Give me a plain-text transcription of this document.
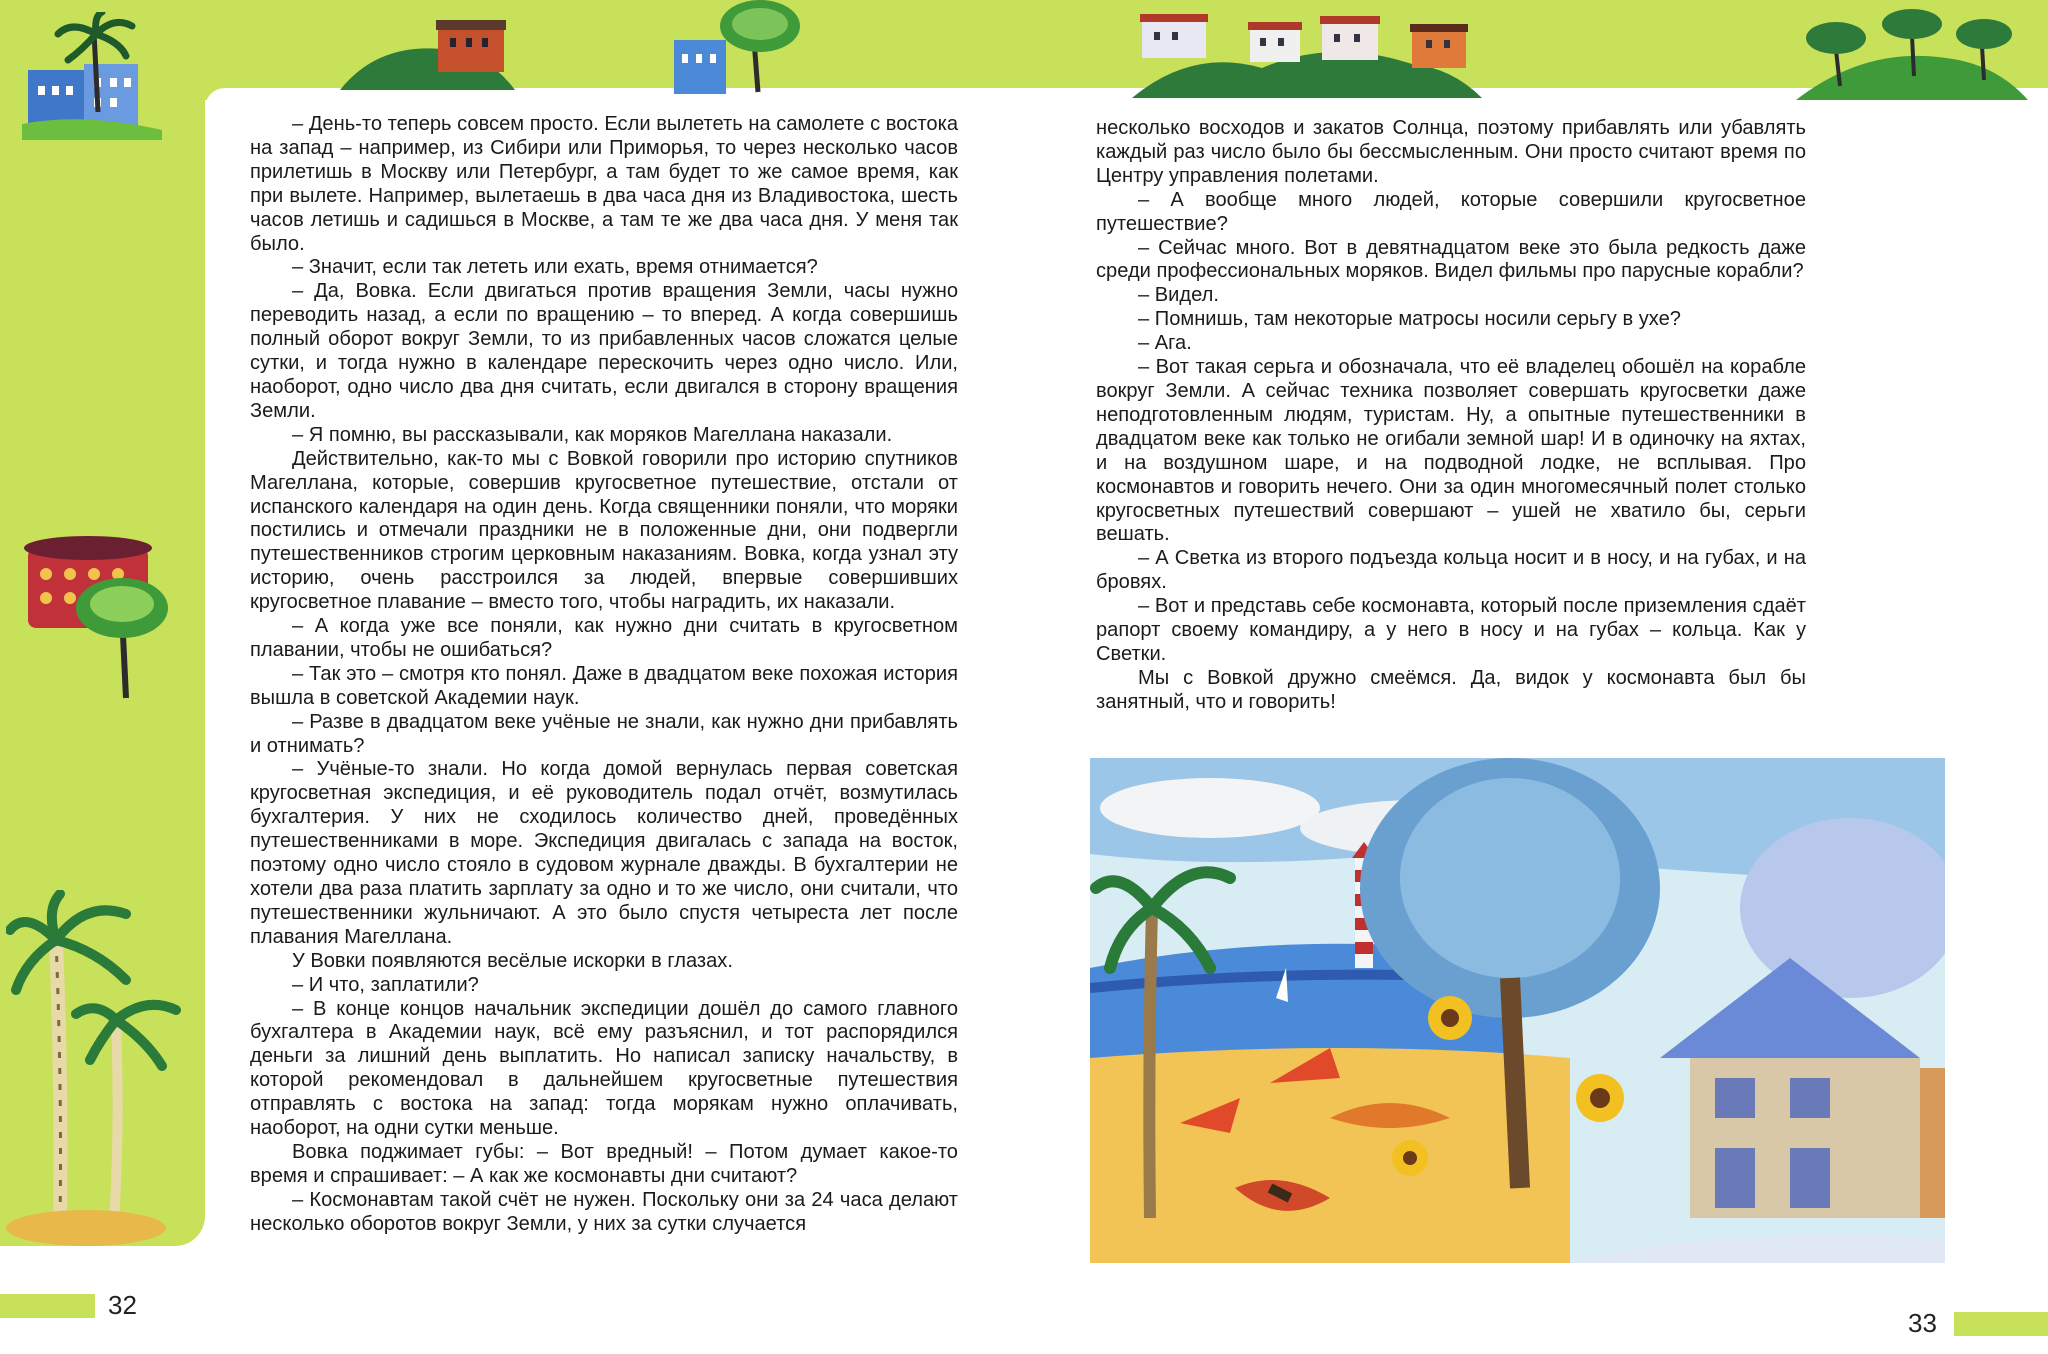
– День-то теперь совсем просто. Если вылететь на самолете с востока на запад – например, из Сибири или Приморья, то через несколько часов прилетишь в Москву или Петербург, а там будет то же самое время, как при вылете. Например, вылетаешь в два часа дня из Владивостока, шесть часов летишь и садишься в Москве, а там те же два часа дня. У меня так было.

– Значит, если так лететь или ехать, время отнимается?

– Да, Вовка. Если двигаться против вращения Земли, часы нужно переводить назад, а если по вращению – то вперед. А когда совершишь полный оборот вокруг Земли, то из прибавленных часов сложатся целые сутки, и тогда нужно в календаре перескочить через одно число. Или, наоборот, одно число два дня считать, если двигался в сторону вращения Земли.

– Я помню, вы рассказывали, как моряков Магеллана наказали.

Действительно, как-то мы с Вовкой говорили про историю спутников Магеллана, которые, совершив кругосветное путешествие, отстали от испанского календаря на один день. Когда священники поняли, что моряки постились и отмечали праздники не в положенные дни, они подвергли путешественников строгим церковным наказаниям. Вовка, когда узнал эту историю, очень расстроился за людей, впервые совершивших кругосветное плавание – вместо того, чтобы наградить, их наказали.

– А когда уже все поняли, как нужно дни считать в кругосветном плавании, чтобы не ошибаться?

– Так это – смотря кто понял. Даже в двадцатом веке похожая история вышла в советской Академии наук.

– Разве в двадцатом веке учёные не знали, как нужно дни прибавлять и отнимать?

– Учёные-то знали. Но когда домой вернулась первая советская кругосветная экспедиция, и её руководитель подал отчёт, возмутилась бухгалтерия. У них не сходилось количество дней, проведённых путешественниками в море. Экспедиция двигалась с запада на восток, поэтому одно число стояло в судовом журнале дважды. В бухгалтерии не хотели два раза платить зарплату за одно и то же число, они считали, что путешественники жульничают. А это было спустя четыреста лет после плавания Магеллана.

У Вовки появляются весёлые искорки в глазах.

– И что, заплатили?

– В конце концов начальник экспедиции дошёл до самого главного бухгалтера в Академии наук, всё ему разъяснил, и тот распорядился деньги за лишний день выплатить. Но написал записку начальству, в которой рекомендовал в дальнейшем кругосветные путешествия отправлять с востока на запад: тогда морякам нужно оплачивать, наоборот, на одни сутки меньше.

Вовка поджимает губы: – Вот вредный! – Потом думает какое-то время и спрашивает: – А как же космонавты дни считают?

– Космонавтам такой счёт не нужен. Поскольку они за 24 часа делают несколько оборотов вокруг Земли, у них за сутки случается

несколько восходов и закатов Солнца, поэтому прибавлять или убавлять каждый раз число было бы бессмысленным. Они просто считают время по Центру управления полетами.

– А вообще много людей, которые совершили кругосветное путешествие?

– Сейчас много. Вот в девятнадцатом веке это была редкость даже среди профессиональных моряков. Видел фильмы про парусные корабли?

– Видел.

– Помнишь, там некоторые матросы носили серьгу в ухе?

– Ага.

– Вот такая серьга и обозначала, что её владелец обошёл на корабле вокруг Земли. А сейчас техника позволяет совершать кругосветки даже неподготовленным людям, туристам. Ну, а опытные путешественники в двадцатом веке как только не огибали земной шар! И в одиночку на яхтах, и на воздушном шаре, и на подводной лодке, не всплывая. Про космонавтов и говорить нечего. Они за один многомесячный полет столько кругосветных путешествий совершают – ушей не хватило бы, серьги вешать.

– А Светка из второго подъезда кольца носит и в носу, и на губах, и на бровях.

– Вот и представь себе космонавта, который после приземления сдаёт рапорт своему командиру, а у него в носу и на губах – кольца. Как у Светки.

Мы с Вовкой дружно смеёмся. Да, видок у космонавта был бы занятный, что и говорить!

32
33
